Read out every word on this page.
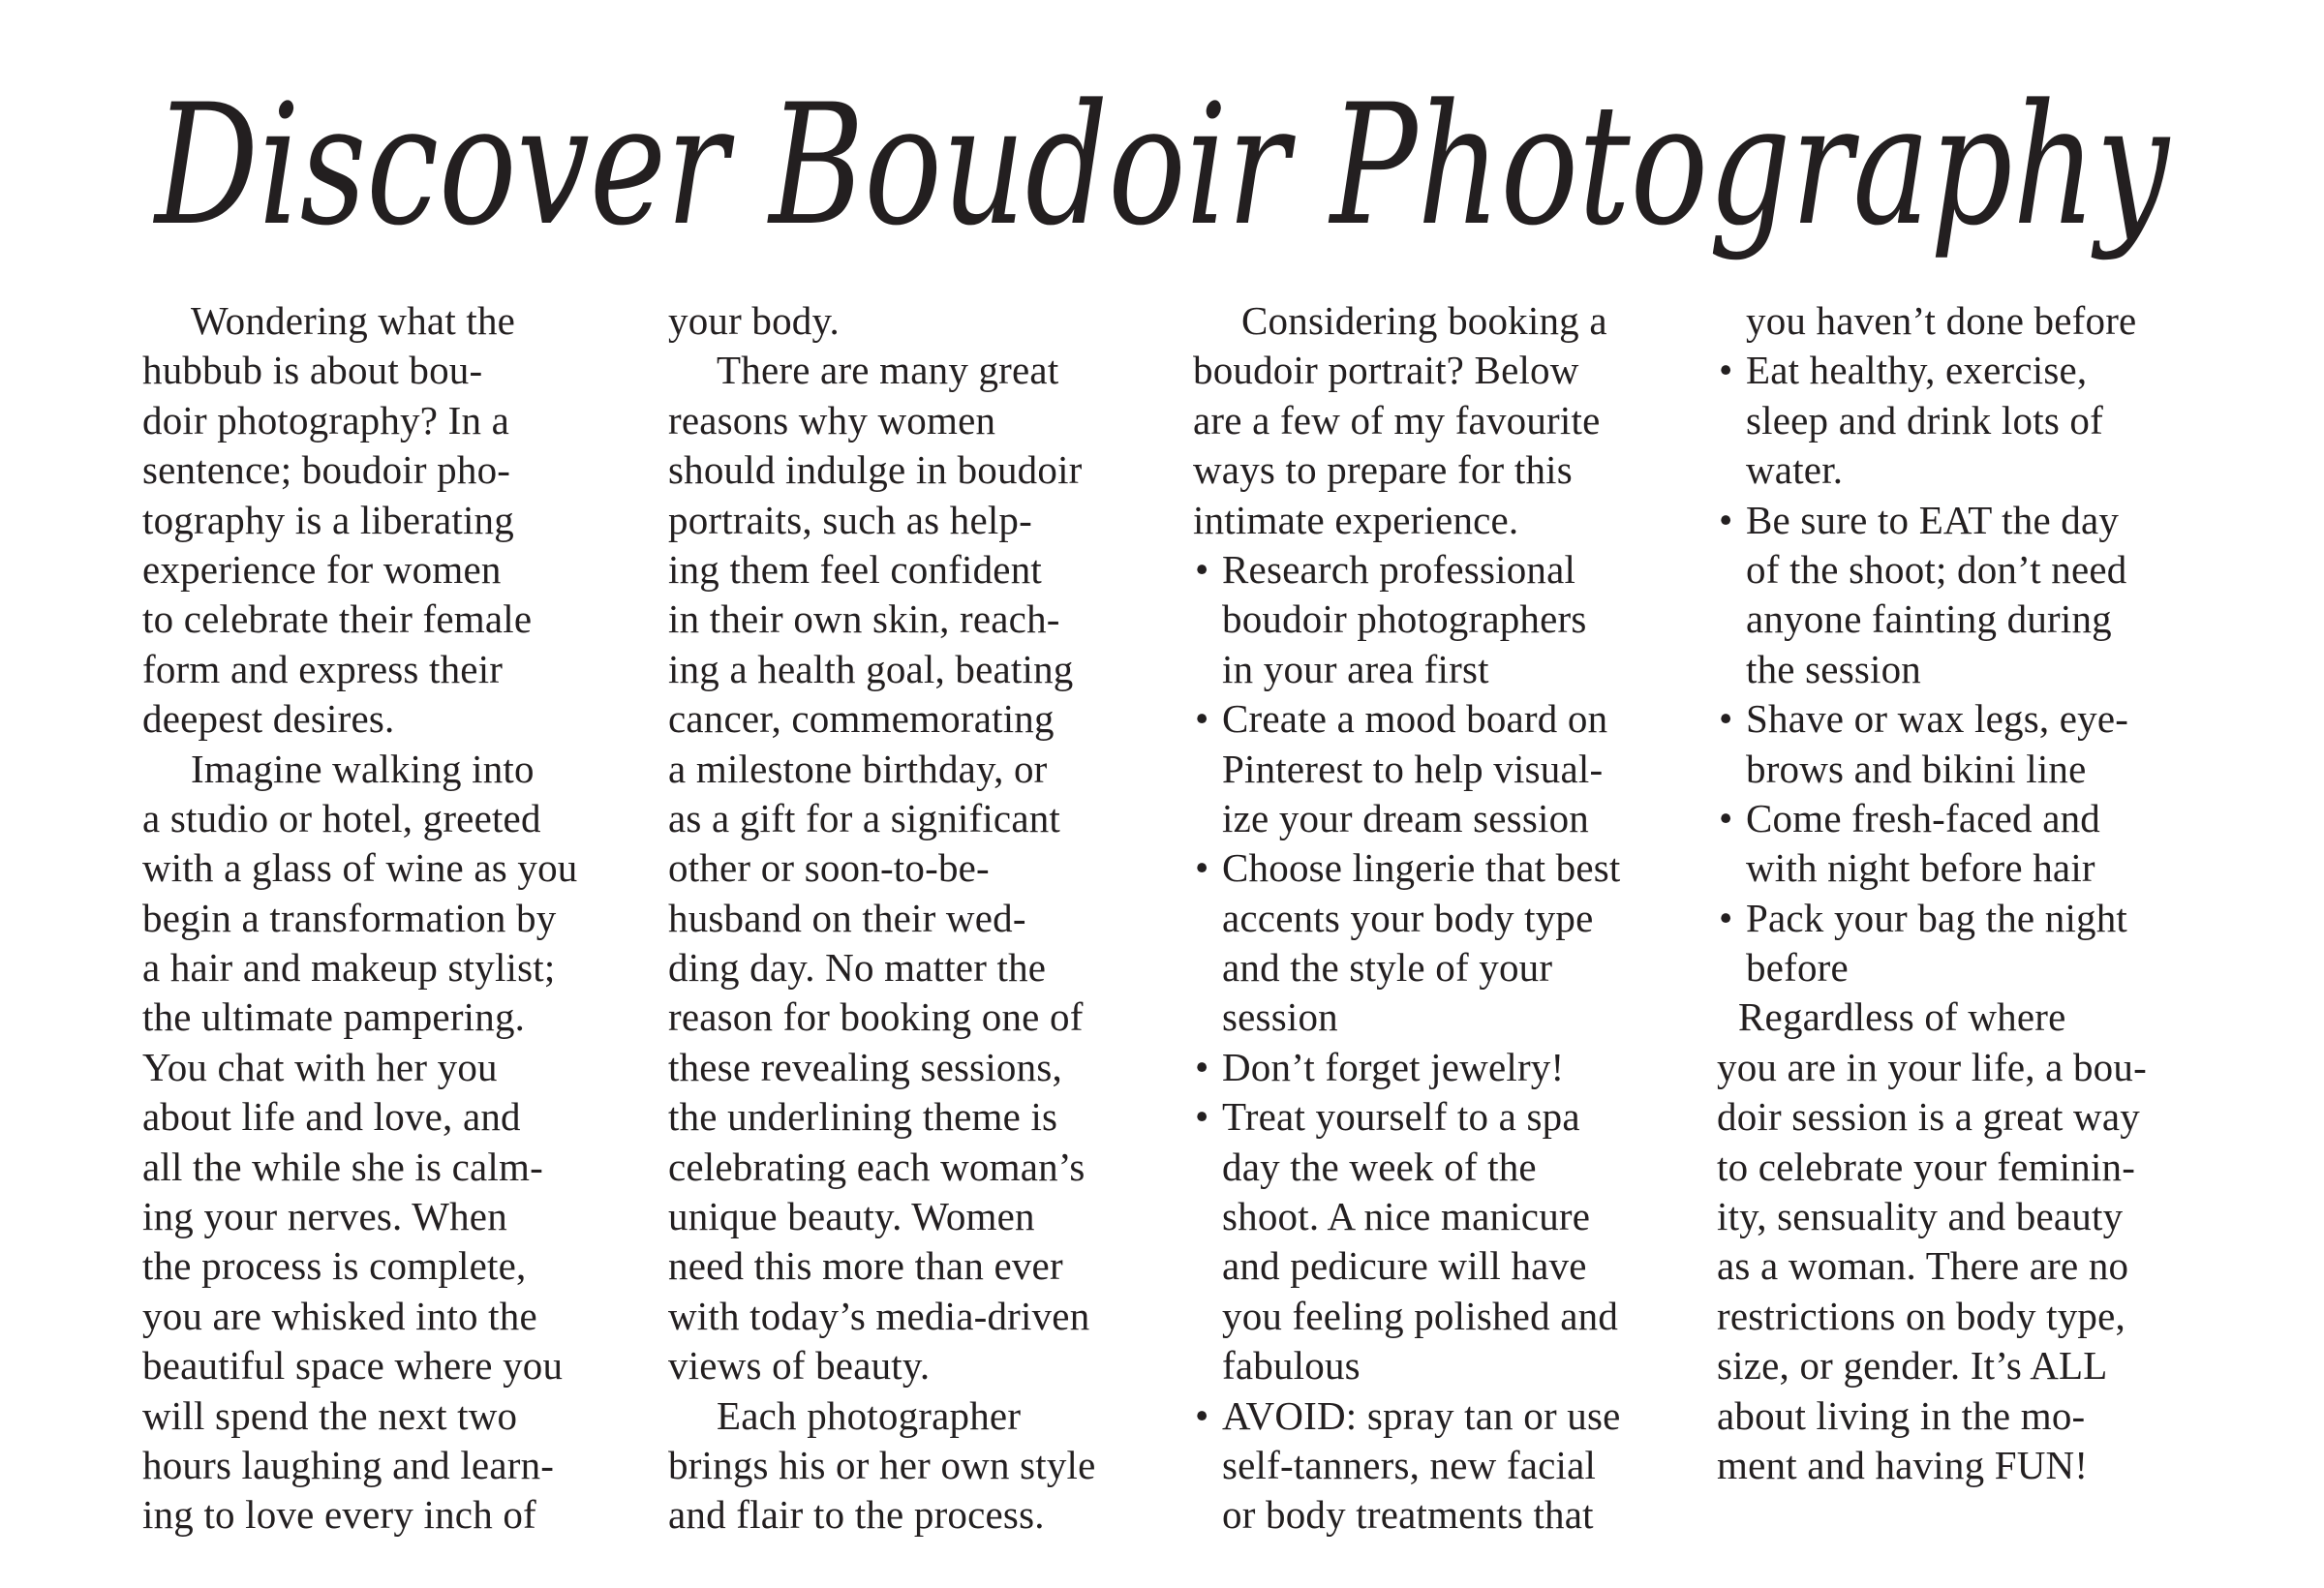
Discover Boudoir Photography
Wondering what the
hubbub is about bou-
doir photography? In a
sentence; boudoir pho-
tography is a liberating
experience for women
to celebrate their female
form and express their
deepest desires.
Imagine walking into
a studio or hotel, greeted
with a glass of wine as you
begin a transformation by
a hair and makeup stylist;
the ultimate pampering.
You chat with her you
about life and love, and
all the while she is calm-
ing your nerves. When
the process is complete,
you are whisked into the
beautiful space where you
will spend the next two
hours laughing and learn-
ing to love every inch of
your body.
There are many great
reasons why women
should indulge in boudoir
portraits, such as help-
ing them feel confident
in their own skin, reach-
ing a health goal, beating
cancer, commemorating
a milestone birthday, or
as a gift for a significant
other or soon-to-be-
husband on their wed-
ding day. No matter the
reason for booking one of
these revealing sessions,
the underlining theme is
celebrating each woman’s
unique beauty. Women
need this more than ever
with today’s media-driven
views of beauty.
Each photographer
brings his or her own style
and flair to the process.
Considering booking a
boudoir portrait? Below
are a few of my favourite
ways to prepare for this
intimate experience.
• Research professional
boudoir photographers
in your area first
• Create a mood board on
Pinterest to help visual-
ize your dream session
• Choose lingerie that best
accents your body type
and the style of your
session
• Don’t forget jewelry!
• Treat yourself to a spa
day the week of the
shoot. A nice manicure
and pedicure will have
you feeling polished and
fabulous
• AVOID: spray tan or use
self-tanners, new facial
or body treatments that
you haven’t done before
• Eat healthy, exercise,
sleep and drink lots of
water.
• Be sure to EAT the day
of the shoot; don’t need
anyone fainting during
the session
• Shave or wax legs, eye-
brows and bikini line
• Come fresh-faced and
with night before hair
• Pack your bag the night
before
Regardless of where
you are in your life, a bou-
doir session is a great way
to celebrate your feminin-
ity, sensuality and beauty
as a woman. There are no
restrictions on body type,
size, or gender. It’s ALL
about living in the mo-
ment and having FUN!
